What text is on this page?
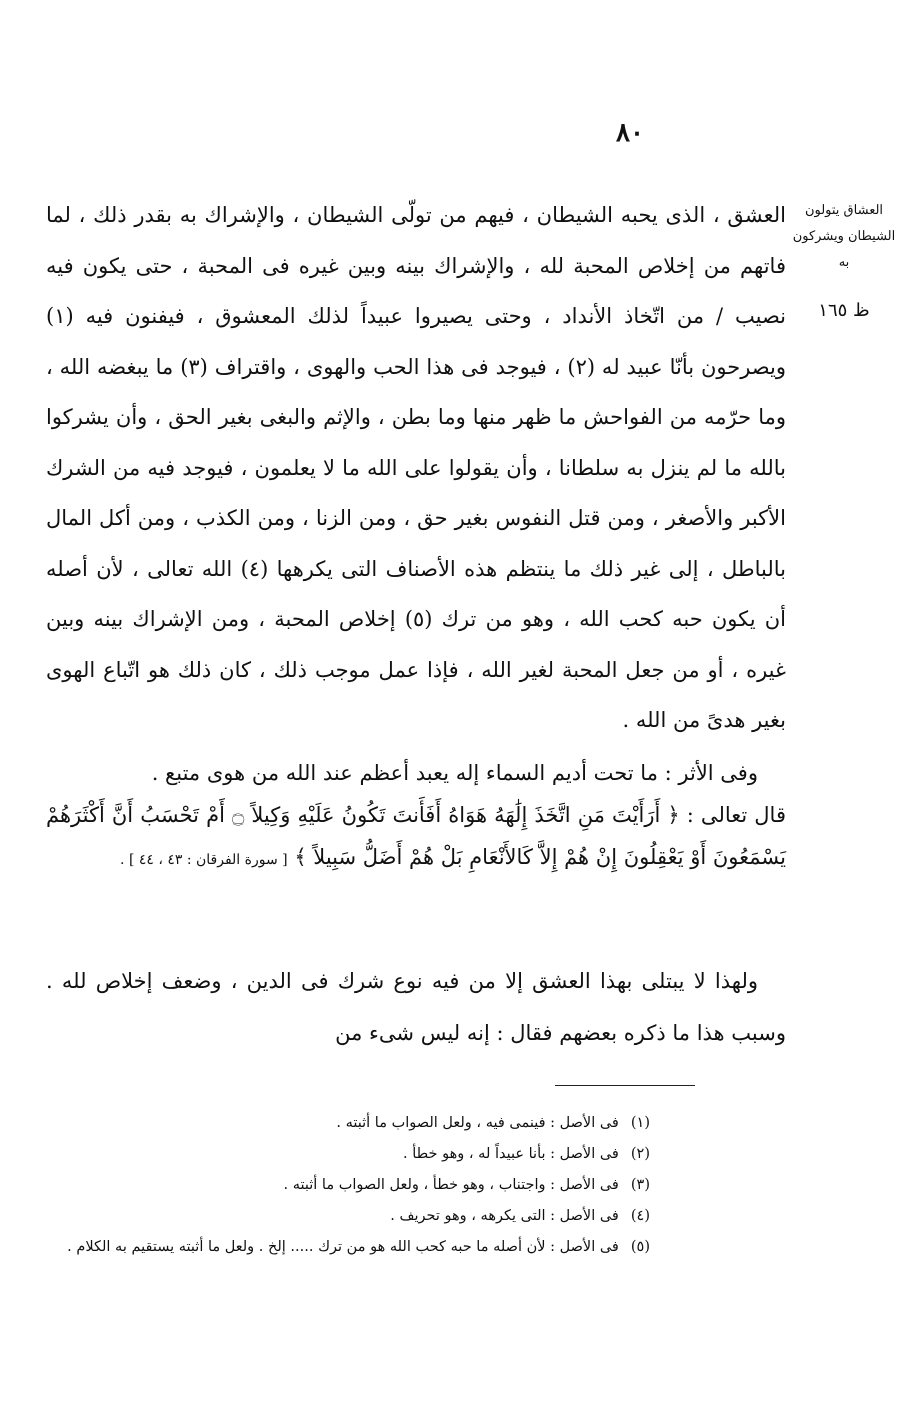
٨٠
العشاق يتولون
الشيطان ويشركون به
ظ ١٦٥

العشق ، الذى يحبه الشيطان ، فيهم من تولّى الشيطان ، والإشراك به بقدر ذلك ، لما فاتهم من إخلاص المحبة لله ، والإشراك بينه وبين غيره فى المحبة ، حتى يكون فيه نصيب / من اتّخاذ الأنداد ، وحتى يصيروا عبيداً لذلك المعشوق ، فيفنون فيه (١) ويصرحون بأنّا عبيد له (٢) ، فيوجد فى هذا الحب والهوى ، واقتراف (٣) ما يبغضه الله ، وما حرّمه من الفواحش ما ظهر منها وما بطن ، والإثم والبغى بغير الحق ، وأن يشركوا بالله ما لم ينزل به سلطانا ، وأن يقولوا على الله ما لا يعلمون ، فيوجد فيه من الشرك الأكبر والأصغر ، ومن قتل النفوس بغير حق ، ومن الزنا ، ومن الكذب ، ومن أكل المال بالباطل ، إلى غير ذلك ما ينتظم هذه الأصناف التى يكرهها (٤) الله تعالى ، لأن أصله أن يكون حبه كحب الله ، وهو من ترك (٥) إخلاص المحبة ، ومن الإشراك بينه وبين غيره ، أو من جعل المحبة لغير الله ، فإذا عمل موجب ذلك ، كان ذلك هو اتّباع الهوى بغير هدىً من الله .

وفى الأثر : ما تحت أديم السماء إله يعبد أعظم عند الله من هوى متبع .

قال تعالى : ﴿ أَرَأَيْتَ مَنِ اتَّخَذَ إِلَٰهَهُ هَوَاهُ أَفَأَنتَ تَكُونُ عَلَيْهِ وَكِيلاً ۝ أَمْ تَحْسَبُ أَنَّ أَكْثَرَهُمْ يَسْمَعُونَ أَوْ يَعْقِلُونَ إِنْ هُمْ إِلاَّ كَالأَنْعَامِ بَلْ هُمْ أَضَلُّ سَبِيلاً ﴾ [ سورة الفرقان : ٤٣ ، ٤٤ ] .

ولهذا لا يبتلى بهذا العشق إلا من فيه نوع شرك فى الدين ، وضعف إخلاص لله . وسبب هذا ما ذكره بعضهم فقال : إنه ليس شىء من

(١)فى الأصل : فينمى فيه ، ولعل الصواب ما أثبته .
(٢)فى الأصل : بأنا عبيداً له ، وهو خطأ .
(٣)فى الأصل : واجتناب ، وهو خطأ ، ولعل الصواب ما أثبته .
(٤)فى الأصل : التى يكرهه ، وهو تحريف .
(٥)فى الأصل : لأن أصله ما حبه كحب الله هو من ترك ..... إلخ . ولعل ما أثبته يستقيم به الكلام .
